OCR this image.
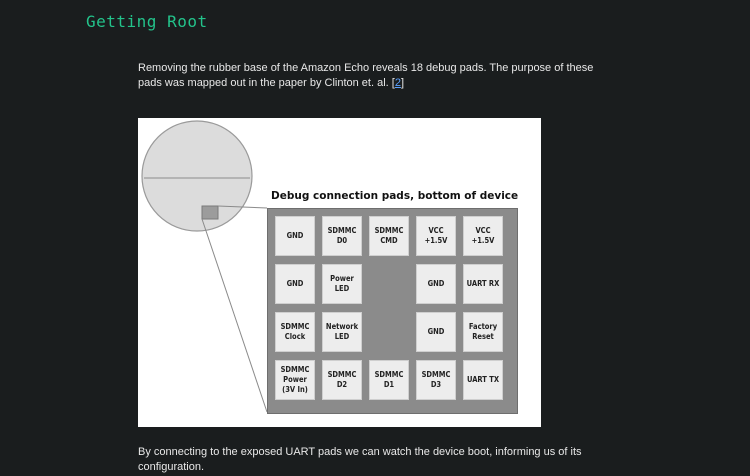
Getting Root
Removing the rubber base of the Amazon Echo reveals 18 debug pads. The purpose of these pads was mapped out in the paper by Clinton et. al. [2]
Debug connection pads, bottom of device
GND
SDMMC
D0
SDMMC
CMD
VCC
+1.5V
VCC
+1.5V
GND
Power
LED
GND	UART RX
SDMMC
Clock
Network
LED
GND
Factory
Reset
SDMMC
Power
(3V In)
SDMMC
D2
SDMMC
D1
SDMMC
D3
UART TX
By connecting to the exposed UART pads we can watch the device boot, informing us of its configuration.
